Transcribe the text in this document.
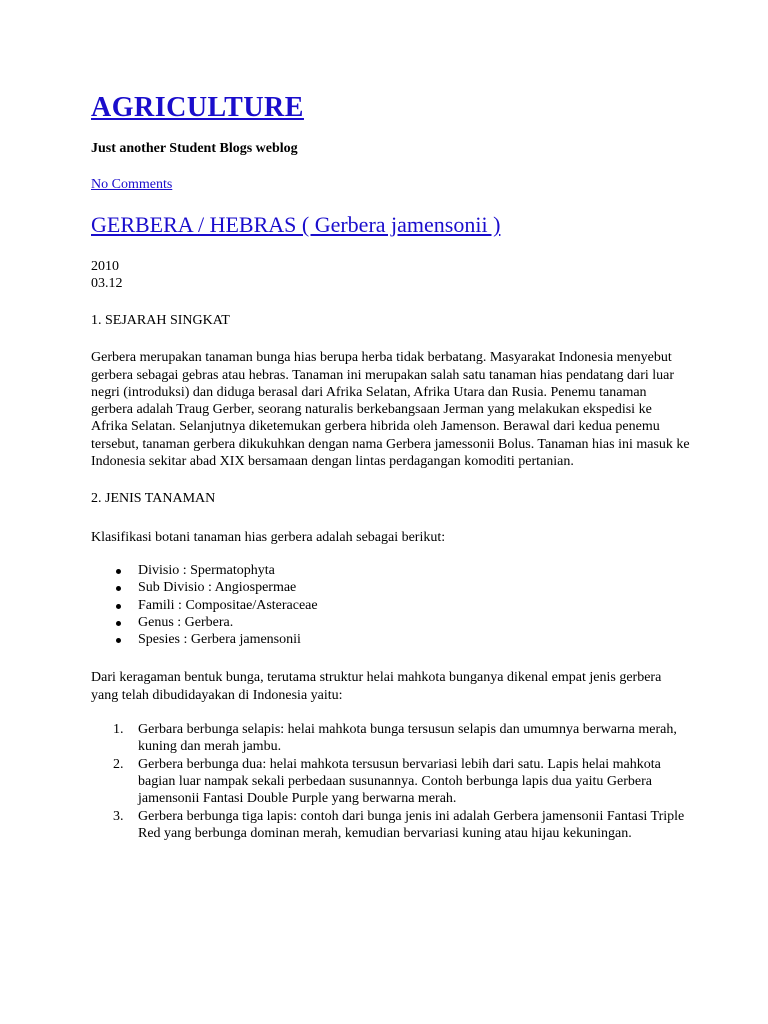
AGRICULTURE
Just another Student Blogs weblog
No Comments
GERBERA / HEBRAS ( Gerbera jamensonii )
2010
03.12
1. SEJARAH SINGKAT

Gerbera merupakan tanaman bunga hias berupa herba tidak berbatang. Masyarakat Indonesia menyebut gerbera sebagai gebras atau hebras. Tanaman ini merupakan salah satu tanaman hias pendatang dari luar negri (introduksi) dan diduga berasal dari Afrika Selatan, Afrika Utara dan Rusia. Penemu tanaman gerbera adalah Traug Gerber, seorang naturalis berkebangsaan Jerman yang melakukan ekspedisi ke Afrika Selatan. Selanjutnya diketemukan gerbera hibrida oleh Jamenson. Berawal dari kedua penemu tersebut, tanaman gerbera dikukuhkan dengan nama Gerbera jamessonii Bolus. Tanaman hias ini masuk ke Indonesia sekitar abad XIX bersamaan dengan lintas perdagangan komoditi pertanian.

2. JENIS TANAMAN

Klasifikasi botani tanaman hias gerbera adalah sebagai berikut:

Divisio : Spermatophyta
Sub Divisio : Angiospermae
Famili : Compositae/Asteraceae
Genus : Gerbera.
Spesies : Gerbera jamensonii

Dari keragaman bentuk bunga, terutama struktur helai mahkota bunganya dikenal empat jenis gerbera yang telah dibudidayakan di Indonesia yaitu:

Gerbara berbunga selapis: helai mahkota bunga tersusun selapis dan umumnya berwarna merah, kuning dan merah jambu.
Gerbera berbunga dua: helai mahkota tersusun bervariasi lebih dari satu. Lapis helai mahkota bagian luar nampak sekali perbedaan susunannya. Contoh berbunga lapis dua yaitu Gerbera jamensonii Fantasi Double Purple yang berwarna merah.
Gerbera berbunga tiga lapis: contoh dari bunga jenis ini adalah Gerbera jamensonii Fantasi Triple Red yang berbunga dominan merah, kemudian bervariasi kuning atau hijau kekuningan.
